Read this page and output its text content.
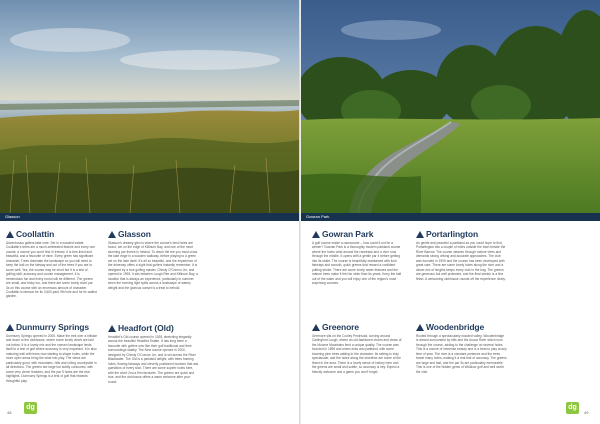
Glasson	Gowran Park
Coollattin

Adventurous golfers take note. Set in a wooded estate, Coollattin's trees are a much-celebrated feature and every one counts: a course you won't find in Ireland. It is tree-lined and beautiful, and a favourite of mine. Every green has significant character. Trees dominate the landscape so you will need to keep the ball on the fairway and out of the trees if you are to score well. Yes, the course may be short but it is a test of golfing skill, accuracy and course management. It is tremendous fun and every round will be different. The greens are small, and tricky too, and there are some lovely short par 3s on this course with an enormous amount of character. Coollattin is famous for its 3,600-yard 9th hole and for its walled garden.

Dunmurry Springs

Dunmurry Springs opened in 2005. Make the trek over a hillside and down to the clubhouse, where some lovely views are laid out below. It is a lovely mix and the uneven landscape lends itself to a test of golf where accuracy is very important. It is also maturing well with trees now starting to shape holes, while the more open areas bring the wind into play. The views are particularly good, with mountains, hills and rolling countryside in all directions. The greens are large but subtly contoured, with some very clever features, and the par 5 holes are the real highlights. Dunmurry Springs is a test of golf that rewards thoughtful play.

Glasson

Glasson's dreamy glen is where the course's best holes are found, set on the edge of Killinure Bay, and one of the most stunning par threes in Ireland. To reach the tee you must cross the lake edge in a wooden walkway, before playing to a green set on the lake itself. It's all so beautiful, and the experience of the driveway offers a sight that golfers instantly remember. It is designed by a true golfing master, Christy O'Connor Jnr, and opened in 1993. It sits between Lough Ree and Killinure Bay, a location that is always an experience, particularly in summer when the evening light spills across a landscape of watery delight and the glorious sunset is a treat to behold.

Headfort (Old)

Headfort's Old course opened in 1928, stretching elegantly across the beautiful Headfort Estate. It has long been a favourite with golfers who like their golf traditional and their surroundings stately. The New course opened in 2000, designed by Christy O'Connor Jnr, and is set across the River Blackwater. The Old is a parkland delight, with trees framing holes, flowing fairways and cleverly positioned bunkers that ask questions of every shot. There are some superb holes here, with the short 2nd a firm favourite. The greens are quick and true, and the clubhouse offers a warm welcome after your round.

Gowran Park

A golf course inside a racecourse – how could it not be a winner? Gowran Park is a thoroughly modern parkland course where the holes wind around the racetrack and a river runs through the middle. It opens with a gentle par 4 before getting into its stride. The course is beautifully maintained with lush fairways and smooth, quick greens that reward a confident putting stroke. There are some lovely water features and the mature trees make it feel far older than its years. Keep the ball out of the water and you will enjoy one of the region's most surprising courses.

Greenore

Greenore sits on the Cooley Peninsula, curving around Carlingford Lough, where an old-fashioned charm and views of the Mourne Mountains lend a unique quality. The course was founded in 1896 and mixes links and parkland, with some towering pine trees adding to the character. Its setting is truly spectacular, and the holes along the shoreline are some of the finest in the area. There is a lovely sense of history here and the greens are small and subtle, so accuracy is key. Expect a friendly welcome and a game you won't forget.

Portarlington

As gentle and peaceful a parkland as you could hope to find, Portarlington sits a couple of miles outside the town beside the River Barrow. The course weaves through mature trees and demands strong driving and accurate approaches. The club was founded in 1909 and the course has been developed with great care. There are some lovely holes along the river and a clever mix of lengths keeps every club in the bag. The greens are generous but well protected, and the final stretch is a fine finish. A welcoming clubhouse rounds off the experience nicely.

Woodenbridge

Routed through a spectacularly wooded valley, Woodenbridge is almost surrounded by hills and the Avoca River which runs through the course, adding to the challenge on several holes. This is a course of immense beauty and is a treat to play at any time of year. The river is a constant presence and the trees frame many holes, making it a real test of accuracy. The greens are large and fast, and the par 3s are particularly memorable. This is one of the hidden gems of Wicklow golf and well worth the visit.

48
dg	dg
49
